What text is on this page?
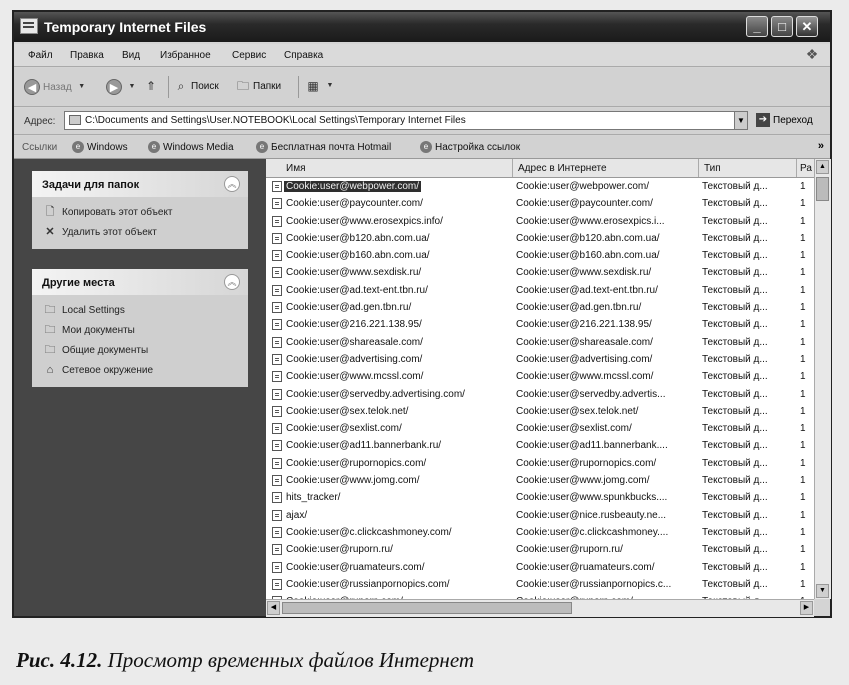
Temporary Internet Files	_	□	✕
Файл Правка Вид Избранное Сервис Справка	❖
◀ Назад ▼	▶	▼ ⇑	⌕ Поиск 🗀 Папки ▦	▼
Адрес:	C:\Documents and Settings\User.NOTEBOOK\Local Settings\Temporary Internet Files	▼	➔ Переход
Ссылки	e Windows	e Windows Media	e Бесплатная почта Hotmail	e Настройка ссылок	»
Задачи для папок	︽
🗋 Копировать этот объект
✕ Удалить этот объект
Другие места	︽
🗀 Local Settings
🗀 Мои документы
🗀 Общие документы
⌂ Сетевое окружение
Имя	Адрес в Интернете	Тип	Ра
Cookie:user@webpower.com/	Cookie:user@webpower.com/	Текстовый д...	1
Cookie:user@paycounter.com/	Cookie:user@paycounter.com/	Текстовый д...	1
Cookie:user@www.erosexpics.info/	Cookie:user@www.erosexpics.i...	Текстовый д...	1
Cookie:user@b120.abn.com.ua/	Cookie:user@b120.abn.com.ua/	Текстовый д...	1
Cookie:user@b160.abn.com.ua/	Cookie:user@b160.abn.com.ua/	Текстовый д...	1
Cookie:user@www.sexdisk.ru/	Cookie:user@www.sexdisk.ru/	Текстовый д...	1
Cookie:user@ad.text-ent.tbn.ru/	Cookie:user@ad.text-ent.tbn.ru/	Текстовый д...	1
Cookie:user@ad.gen.tbn.ru/	Cookie:user@ad.gen.tbn.ru/	Текстовый д...	1
Cookie:user@216.221.138.95/	Cookie:user@216.221.138.95/	Текстовый д...	1
Cookie:user@shareasale.com/	Cookie:user@shareasale.com/	Текстовый д...	1
Cookie:user@advertising.com/	Cookie:user@advertising.com/	Текстовый д...	1
Cookie:user@www.mcssl.com/	Cookie:user@www.mcssl.com/	Текстовый д...	1
Cookie:user@servedby.advertising.com/	Cookie:user@servedby.advertis...	Текстовый д...	1
Cookie:user@sex.telok.net/	Cookie:user@sex.telok.net/	Текстовый д...	1
Cookie:user@sexlist.com/	Cookie:user@sexlist.com/	Текстовый д...	1
Cookie:user@ad11.bannerbank.ru/	Cookie:user@ad11.bannerbank....	Текстовый д...	1
Cookie:user@rupornopics.com/	Cookie:user@rupornopics.com/	Текстовый д...	1
Cookie:user@www.jomg.com/	Cookie:user@www.jomg.com/	Текстовый д...	1
hits_tracker/	Cookie:user@www.spunkbucks....	Текстовый д...	1
ajax/	Cookie:user@nice.rusbeauty.ne...	Текстовый д...	1
Cookie:user@c.clickcashmoney.com/	Cookie:user@c.clickcashmoney....	Текстовый д...	1
Cookie:user@ruporn.ru/	Cookie:user@ruporn.ru/	Текстовый д...	1
Cookie:user@ruamateurs.com/	Cookie:user@ruamateurs.com/	Текстовый д...	1
Cookie:user@russianpornopics.com/	Cookie:user@russianpornopics.c...	Текстовый д...	1
▲
▼
◀	▶
Рис. 4.12. Просмотр временных файлов Интернет
